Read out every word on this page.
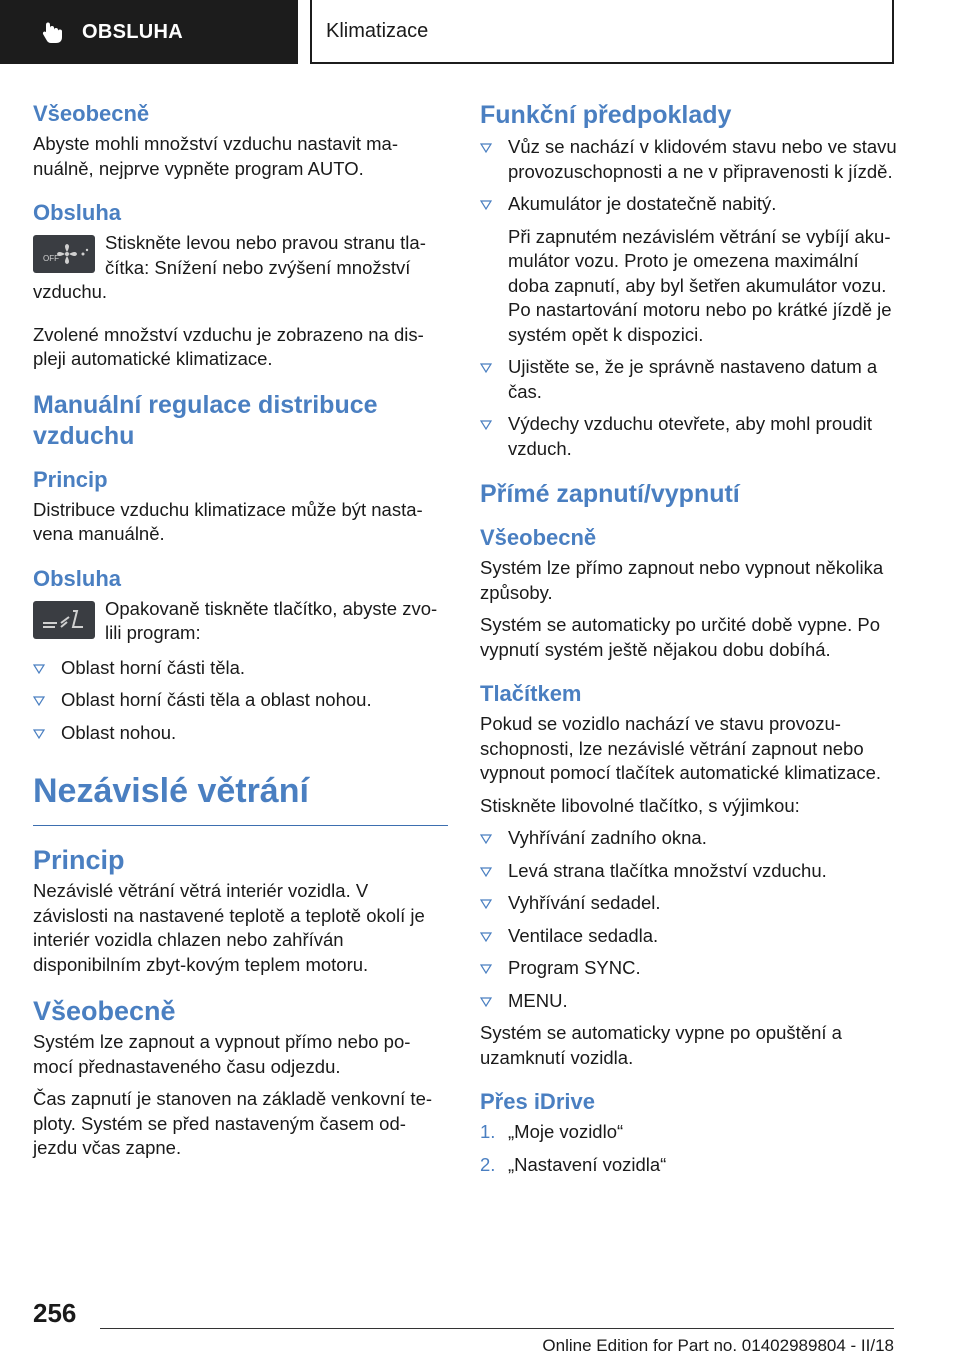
OBSLUHA	Klimatizace
Všeobecně

Abyste mohli množství vzduchu nastavit ma-nuálně, nejprve vypněte program AUTO.

Obsluha
OFF
Stiskněte levou nebo pravou stranu tla-čítka: Snížení nebo zvýšení množství

vzduchu.

Zvolené množství vzduchu je zobrazeno na dis-pleji automatické klimatizace.

Manuální regulace distribuce vzduchu
Princip

Distribuce vzduchu klimatizace může být nasta-vena manuálně.

Obsluha
Opakovaně tiskněte tlačítko, abyste zvo-lili program:
Oblast horní části těla.
Oblast horní části těla a oblast nohou.
Oblast nohou.
Nezávislé větrání
Princip

Nezávislé větrání větrá interiér vozidla. V závislosti na nastavené teplotě a teplotě okolí je interiér vozidla chlazen nebo zahříván disponibilním zbyt-kovým teplem motoru.

Všeobecně

Systém lze zapnout a vypnout přímo nebo po-mocí přednastaveného času odjezdu.

Čas zapnutí je stanoven na základě venkovní te-ploty. Systém se před nastaveným časem od-jezdu včas zapne.

Funkční předpoklady
Vůz se nachází v klidovém stavu nebo ve stavu provozuschopnosti a ne v připravenosti k jízdě.
Akumulátor je dostatečně nabitý.

Při zapnutém nezávislém větrání se vybíjí aku-mulátor vozu. Proto je omezena maximální doba zapnutí, aby byl šetřen akumulátor vozu. Po nastartování motoru nebo po krátké jízdě je systém opět k dispozici.

Ujistěte se, že je správně nastaveno datum a čas.
Výdechy vzduchu otevřete, aby mohl proudit vzduch.
Přímé zapnutí/vypnutí
Všeobecně

Systém lze přímo zapnout nebo vypnout několika způsoby.

Systém se automaticky po určité době vypne. Po vypnutí systém ještě nějakou dobu dobíhá.

Tlačítkem

Pokud se vozidlo nachází ve stavu provozu-schopnosti, lze nezávislé větrání zapnout nebo vypnout pomocí tlačítek automatické klimatizace.

Stiskněte libovolné tlačítko, s výjimkou:

Vyhřívání zadního okna.
Levá strana tlačítka množství vzduchu.
Vyhřívání sedadel.
Ventilace sedadla.
Program SYNC.
MENU.

Systém se automaticky vypne po opuštění a uzamknutí vozidla.

Přes iDrive
1. „Moje vozidlo“
2. „Nastavení vozidla“
256
Online Edition for Part no. 01402989804 - II/18
